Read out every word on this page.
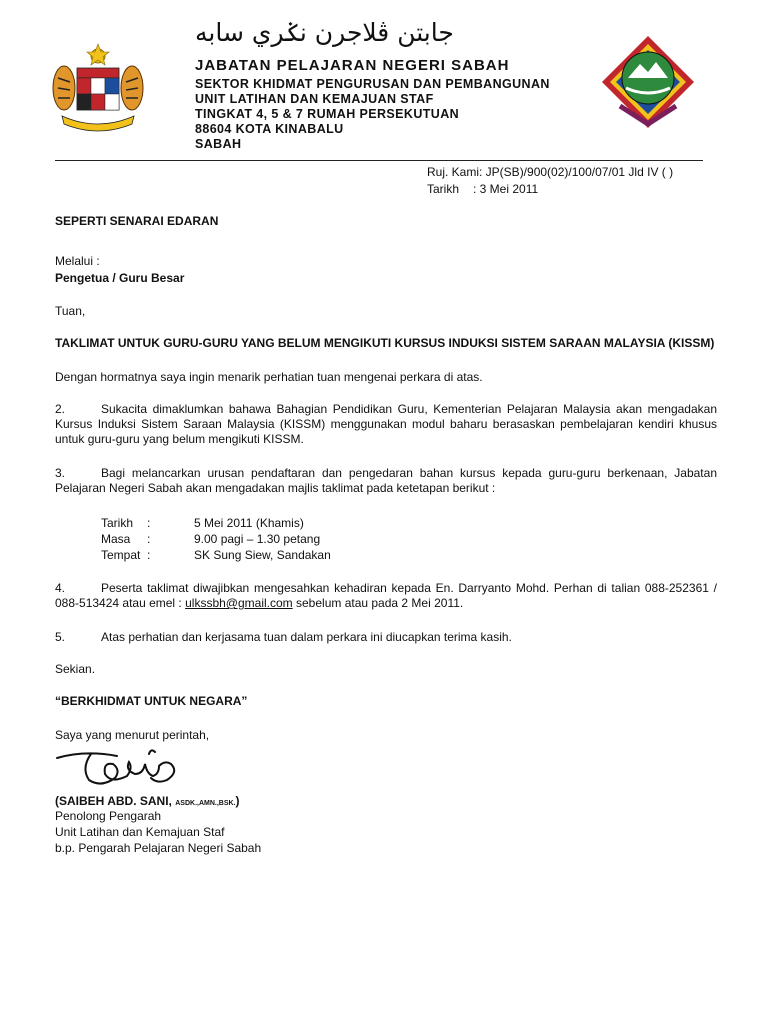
جابتن ڤلاجرن نݢري سابه
JABATAN PELAJARAN NEGERI SABAH
SEKTOR KHIDMAT PENGURUSAN DAN PEMBANGUNAN
UNIT LATIHAN DAN KEMAJUAN STAF
TINGKAT 4, 5 & 7 RUMAH PERSEKUTUAN
88604 KOTA KINABALU
SABAH
Ruj. Kami: JP(SB)/900(02)/100/07/01 Jld IV ( )
Tarikh : 3 Mei 2011
SEPERTI SENARAI EDARAN
Melalui :
Pengetua / Guru Besar
Tuan,
TAKLIMAT UNTUK GURU-GURU YANG BELUM MENGIKUTI KURSUS INDUKSI SISTEM SARAAN MALAYSIA (KISSM)
Dengan hormatnya saya ingin menarik perhatian tuan mengenai perkara di atas.
2.	Sukacita dimaklumkan bahawa Bahagian Pendidikan Guru, Kementerian Pelajaran Malaysia akan mengadakan Kursus Induksi Sistem Saraan Malaysia (KISSM) menggunakan modul baharu berasaskan pembelajaran kendiri khusus untuk guru-guru yang belum mengikuti KISSM.
3.	Bagi melancarkan urusan pendaftaran dan pengedaran bahan kursus kepada guru-guru berkenaan, Jabatan Pelajaran Negeri Sabah akan mengadakan majlis taklimat pada ketetapan berikut :
Tarikh :	5 Mei 2011 (Khamis)
Masa :	9.00 pagi – 1.30 petang
Tempat :	SK Sung Siew, Sandakan
4.	Peserta taklimat diwajibkan mengesahkan kehadiran kepada En. Darryanto Mohd. Perhan di talian 088-252361 / 088-513424 atau emel : ulkssbh@gmail.com sebelum atau pada 2 Mei 2011.
5.	Atas perhatian dan kerjasama tuan dalam perkara ini diucapkan terima kasih.
Sekian.
“BERKHIDMAT UNTUK NEGARA”
Saya yang menurut perintah,
(SAIBEH ABD. SANI, ASDK.,AMN.,BSK.)
Penolong Pengarah
Unit Latihan dan Kemajuan Staf
b.p. Pengarah Pelajaran Negeri Sabah
